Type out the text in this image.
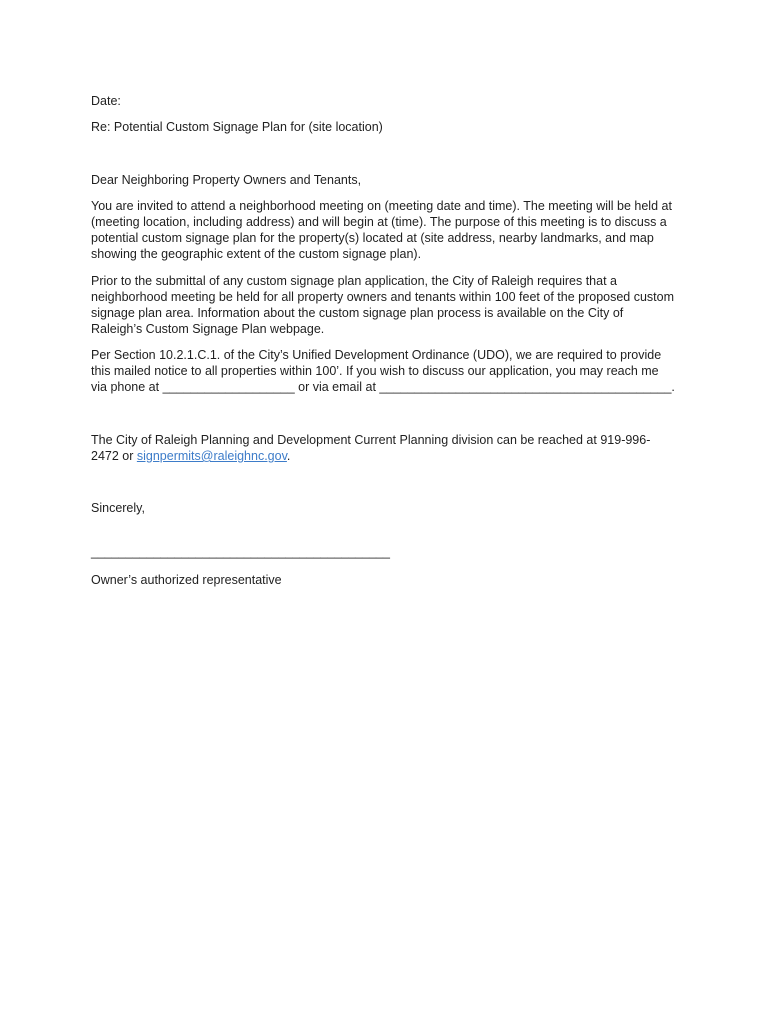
Date:
Re: Potential Custom Signage Plan for (site location)
Dear Neighboring Property Owners and Tenants,
You are invited to attend a neighborhood meeting on (meeting date and time). The meeting will be held at
(meeting location, including address) and will begin at (time). The purpose of this meeting is to discuss a
potential custom signage plan for the property(s) located at (site address, nearby landmarks, and map
showing the geographic extent of the custom signage plan).
Prior to the submittal of any custom signage plan application, the City of Raleigh requires that a
neighborhood meeting be held for all property owners and tenants within 100 feet of the proposed custom
signage plan area. Information about the custom signage plan process is available on the City of
Raleigh’s Custom Signage Plan webpage.
Per Section 10.2.1.C.1. of the City’s Unified Development Ordinance (UDO), we are required to provide
this mailed notice to all properties within 100’. If you wish to discuss our application, you may reach me
via phone at ___________________ or via email at __________________________________________.
The City of Raleigh Planning and Development Current Planning division can be reached at 919-996-
2472 or signpermits@raleighnc.gov.
Sincerely,
___________________________________________
Owner’s authorized representative
